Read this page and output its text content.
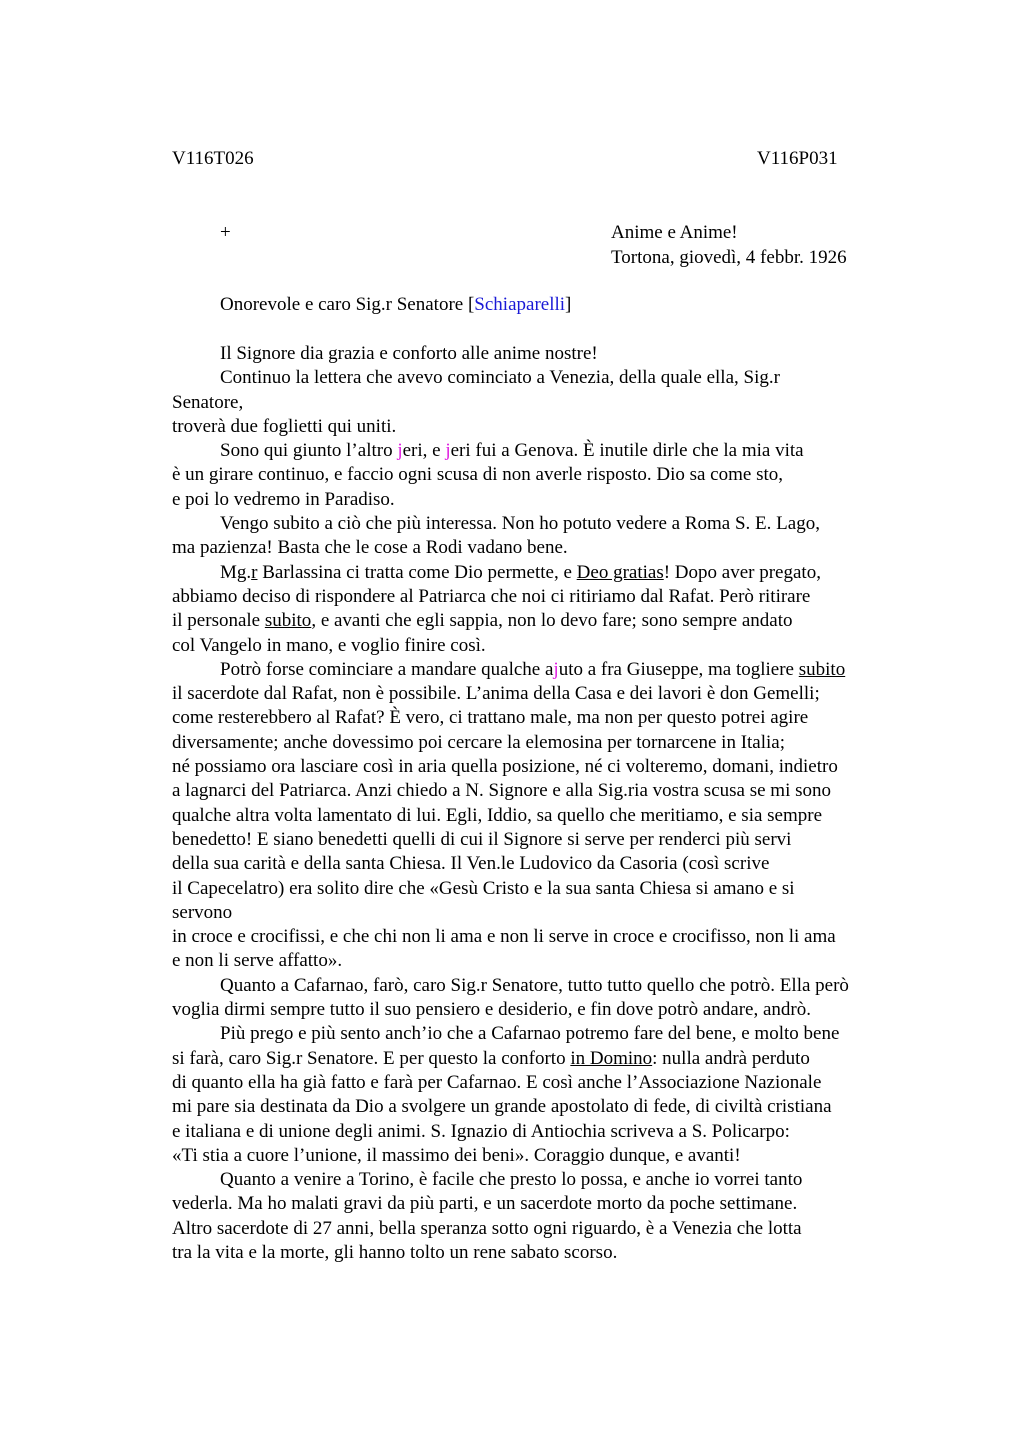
V116T026	V116P031
+	Anime e Anime!
Tortona, giovedì, 4 febbr. 1926
Onorevole e caro Sig.r Senatore [Schiaparelli]
Il Signore dia grazia e conforto alle anime nostre!
Continuo la lettera che avevo cominciato a Venezia, della quale ella, Sig.r
Senatore,
troverà due foglietti qui uniti.
Sono qui giunto l’altro jeri, e jeri fui a Genova. È inutile dirle che la mia vita
è un girare continuo, e faccio ogni scusa di non averle risposto. Dio sa come sto,
e poi lo vedremo in Paradiso.
Vengo subito a ciò che più interessa. Non ho potuto vedere a Roma S. E. Lago,
ma pazienza! Basta che le cose a Rodi vadano bene.
Mg.r Barlassina ci tratta come Dio permette, e Deo gratias! Dopo aver pregato,
abbiamo deciso di rispondere al Patriarca che noi ci ritiriamo dal Rafat. Però ritirare
il personale subito, e avanti che egli sappia, non lo devo fare; sono sempre andato
col Vangelo in mano, e voglio finire così.
Potrò forse cominciare a mandare qualche ajuto a fra Giuseppe, ma togliere subito
il sacerdote dal Rafat, non è possibile. L’anima della Casa e dei lavori è don Gemelli;
come resterebbero al Rafat? È vero, ci trattano male, ma non per questo potrei agire
diversamente; anche dovessimo poi cercare la elemosina per tornarcene in Italia;
né possiamo ora lasciare così in aria quella posizione, né ci volteremo, domani, indietro
a lagnarci del Patriarca. Anzi chiedo a N. Signore e alla Sig.ria vostra scusa se mi sono
qualche altra volta lamentato di lui. Egli, Iddio, sa quello che meritiamo, e sia sempre
benedetto! E siano benedetti quelli di cui il Signore si serve per renderci più servi
della sua carità e della santa Chiesa. Il Ven.le Ludovico da Casoria (così scrive
il Capecelatro) era solito dire che «Gesù Cristo e la sua santa Chiesa si amano e si
servono
in croce e crocifissi, e che chi non li ama e non li serve in croce e crocifisso, non li ama
e non li serve affatto».
Quanto a Cafarnao, farò, caro Sig.r Senatore, tutto tutto quello che potrò. Ella però
voglia dirmi sempre tutto il suo pensiero e desiderio, e fin dove potrò andare, andrò.
Più prego e più sento anch’io che a Cafarnao potremo fare del bene, e molto bene
si farà, caro Sig.r Senatore. E per questo la conforto in Domino: nulla andrà perduto
di quanto ella ha già fatto e farà per Cafarnao. E così anche l’Associazione Nazionale
mi pare sia destinata da Dio a svolgere un grande apostolato di fede, di civiltà cristiana
e italiana e di unione degli animi. S. Ignazio di Antiochia scriveva a S. Policarpo:
«Ti stia a cuore l’unione, il massimo dei beni». Coraggio dunque, e avanti!
Quanto a venire a Torino, è facile che presto lo possa, e anche io vorrei tanto
vederla. Ma ho malati gravi da più parti, e un sacerdote morto da poche settimane.
Altro sacerdote di 27 anni, bella speranza sotto ogni riguardo, è a Venezia che lotta
tra la vita e la morte, gli hanno tolto un rene sabato scorso.
